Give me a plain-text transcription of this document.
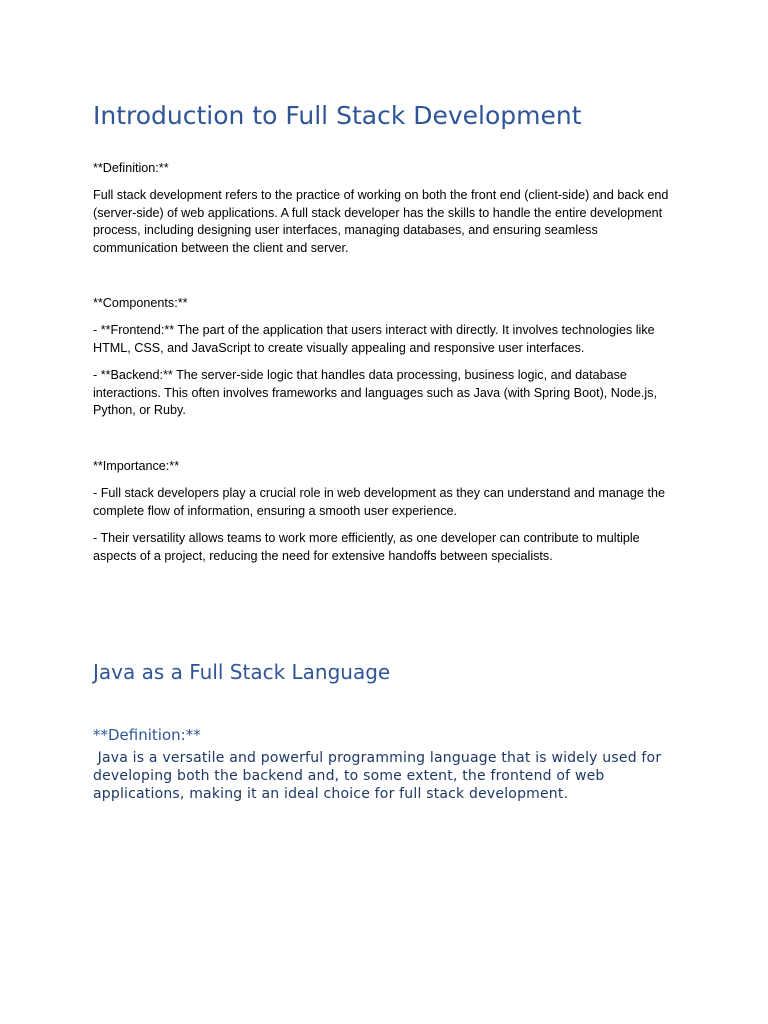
Introduction to Full Stack Development

**Definition:**

Full stack development refers to the practice of working on both the front end (client-side) and back end (server-side) of web applications. A full stack developer has the skills to handle the entire development process, including designing user interfaces, managing databases, and ensuring seamless communication between the client and server.

**Components:**

- **Frontend:** The part of the application that users interact with directly. It involves technologies like HTML, CSS, and JavaScript to create visually appealing and responsive user interfaces.

- **Backend:** The server-side logic that handles data processing, business logic, and database interactions. This often involves frameworks and languages such as Java (with Spring Boot), Node.js, Python, or Ruby.

**Importance:**

- Full stack developers play a crucial role in web development as they can understand and manage the complete flow of information, ensuring a smooth user experience.

- Their versatility allows teams to work more efficiently, as one developer can contribute to multiple aspects of a project, reducing the need for extensive handoffs between specialists.

Java as a Full Stack Language

**Definition:**

Java is a versatile and powerful programming language that is widely used for developing both the backend and, to some extent, the frontend of web applications, making it an ideal choice for full stack development.
